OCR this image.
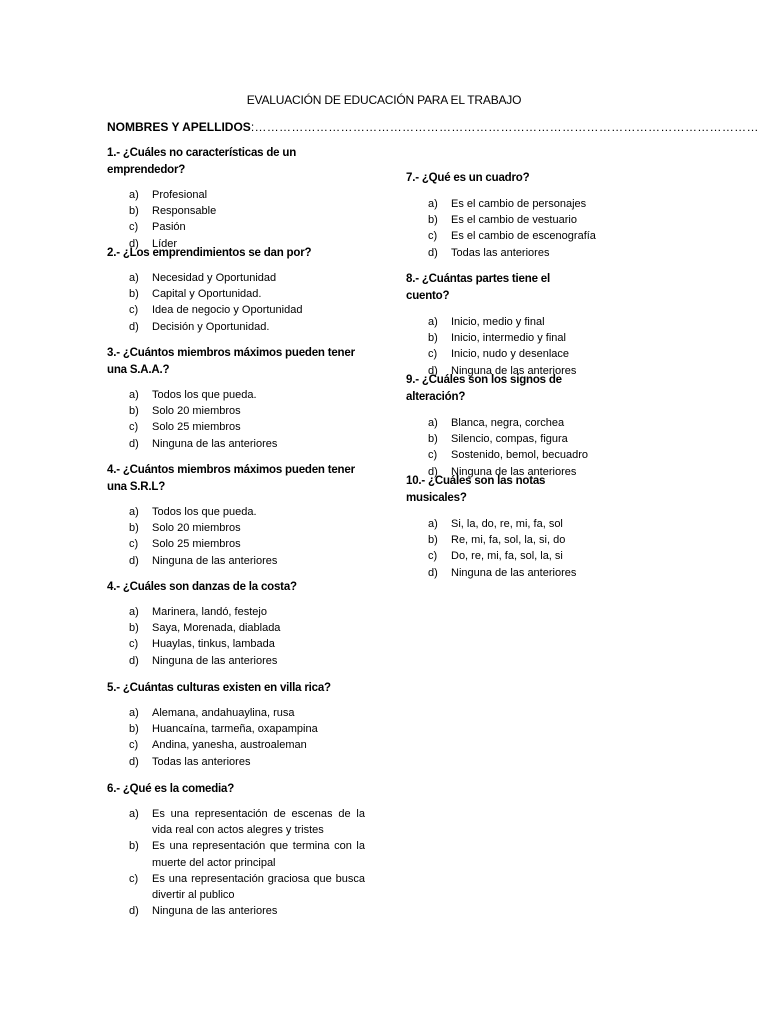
EVALUACIÓN DE EDUCACIÓN PARA EL TRABAJO
NOMBRES Y APELLIDOS:……………………………………………………………………………………………………………
1.- ¿Cuáles no características de un emprendedor?
a) Profesional
b) Responsable
c) Pasión
d) Líder
2.- ¿Los emprendimientos se dan por?
a) Necesidad y Oportunidad
b) Capital y Oportunidad.
c) Idea de negocio y Oportunidad
d) Decisión y Oportunidad.
3.- ¿Cuántos miembros máximos pueden tener una S.A.A.?
a) Todos los que pueda.
b) Solo 20 miembros
c) Solo 25 miembros
d) Ninguna de las anteriores
4.- ¿Cuántos miembros máximos pueden tener una S.R.L?
a) Todos los que pueda.
b) Solo 20 miembros
c) Solo 25 miembros
d) Ninguna de las anteriores
4.- ¿Cuáles son danzas de la costa?
a) Marinera, landó, festejo
b) Saya, Morenada, diablada
c) Huaylas, tinkus, lambada
d) Ninguna de las anteriores
5.- ¿Cuántas culturas existen en villa rica?
a) Alemana, andahuaylina, rusa
b) Huancaína, tarmeña, oxapampina
c) Andina, yanesha, austroaleman
d) Todas las anteriores
6.- ¿Qué es la comedia?
a) Es una representación de escenas de la vida real con actos alegres y tristes
b) Es una representación que termina con la muerte del actor principal
c) Es una representación graciosa que busca divertir al publico
d) Ninguna de las anteriores
7.- ¿Qué es un cuadro?
a) Es el cambio de personajes
b) Es el cambio de vestuario
c) Es el cambio de escenografía
d) Todas las anteriores
8.- ¿Cuántas partes tiene el cuento?
a) Inicio, medio y final
b) Inicio, intermedio y final
c) Inicio, nudo y desenlace
d) Ninguna de las anteriores
9.- ¿Cuáles son los signos de alteración?
a) Blanca, negra, corchea
b) Silencio, compas, figura
c) Sostenido, bemol, becuadro
d) Ninguna de las anteriores
10.- ¿Cuáles son las notas musicales?
a) Si, la, do, re, mi, fa, sol
b) Re, mi, fa, sol, la, si, do
c) Do, re, mi, fa, sol, la, si
d) Ninguna de las anteriores
